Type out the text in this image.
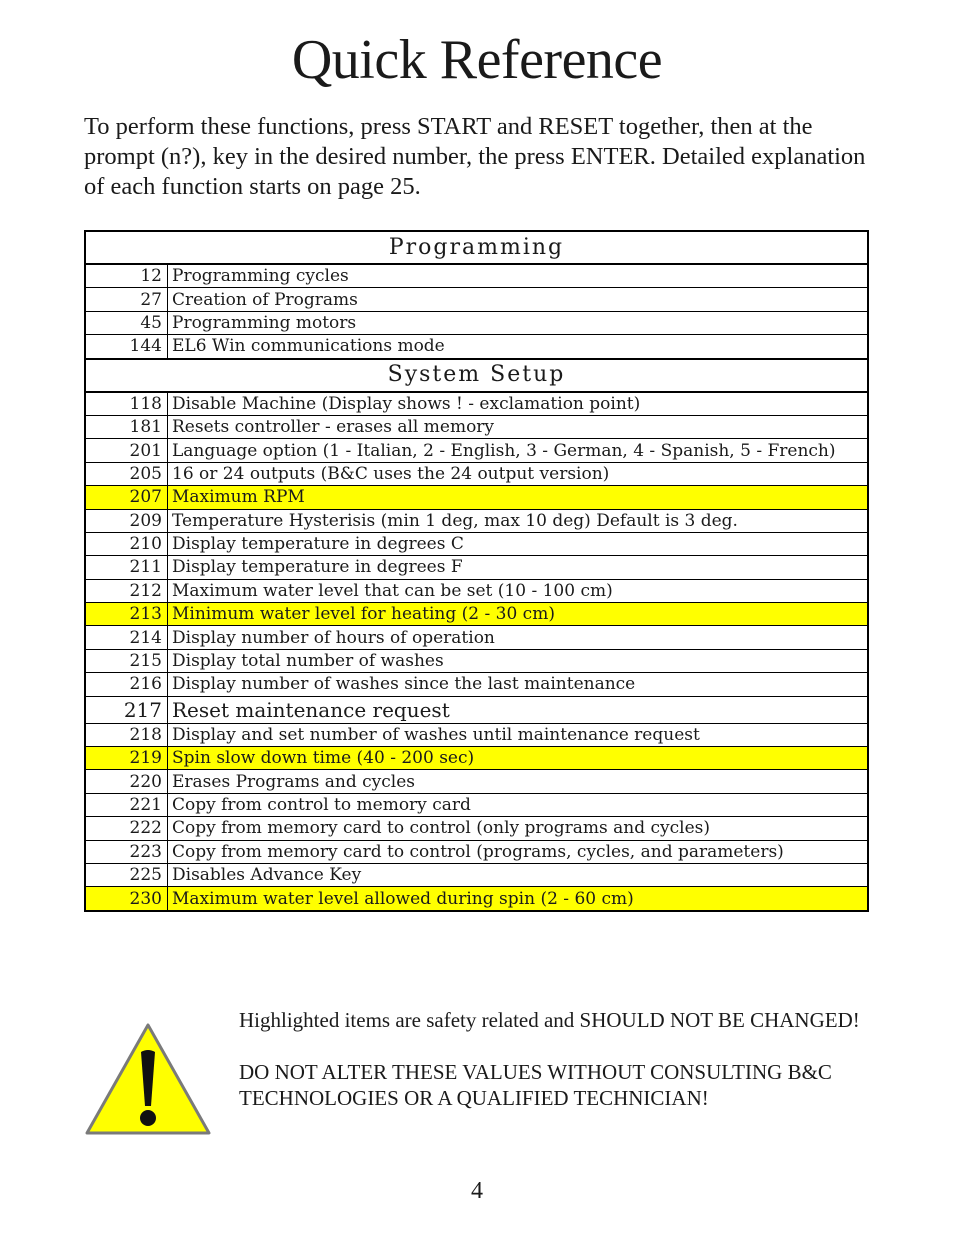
Quick Reference
To perform these functions, press START and RESET together, then at the prompt (n?), key in the desired number, the press ENTER. Detailed explanation of each function starts on page 25.
Programming	
12	Programming cycles
27	Creation of Programs
45	Programming motors
144	EL6 Win communications mode
System Setup	
118	Disable Machine (Display shows ! - exclamation point)
181	Resets controller - erases all memory
201	Language option (1 - Italian, 2 - English, 3 - German, 4 - Spanish, 5 - French)
205	16 or 24 outputs (B&C uses the 24 output version)
207	Maximum RPM
209	Temperature Hysterisis (min 1 deg, max 10 deg) Default is 3 deg.
210	Display temperature in degrees C
211	Display temperature in degrees F
212	Maximum water level that can be set (10 - 100 cm)
213	Minimum water level for heating (2 - 30 cm)
214	Display number of hours of operation
215	Display total number of washes
216	Display number of washes since the last maintenance
217	Reset maintenance request
218	Display and set number of washes until maintenance request
219	Spin slow down time (40 - 200 sec)
220	Erases Programs and cycles
221	Copy from control to memory card
222	Copy from memory card to control (only programs and cycles)
223	Copy from memory card to control (programs, cycles, and parameters)
225	Disables Advance Key
230	Maximum water level allowed during spin (2 - 60 cm)

Highlighted items are safety related and SHOULD NOT BE CHANGED!

DO NOT ALTER THESE VALUES WITHOUT CONSULTING B&C TECHNOLOGIES OR A QUALIFIED TECHNICIAN!

4
